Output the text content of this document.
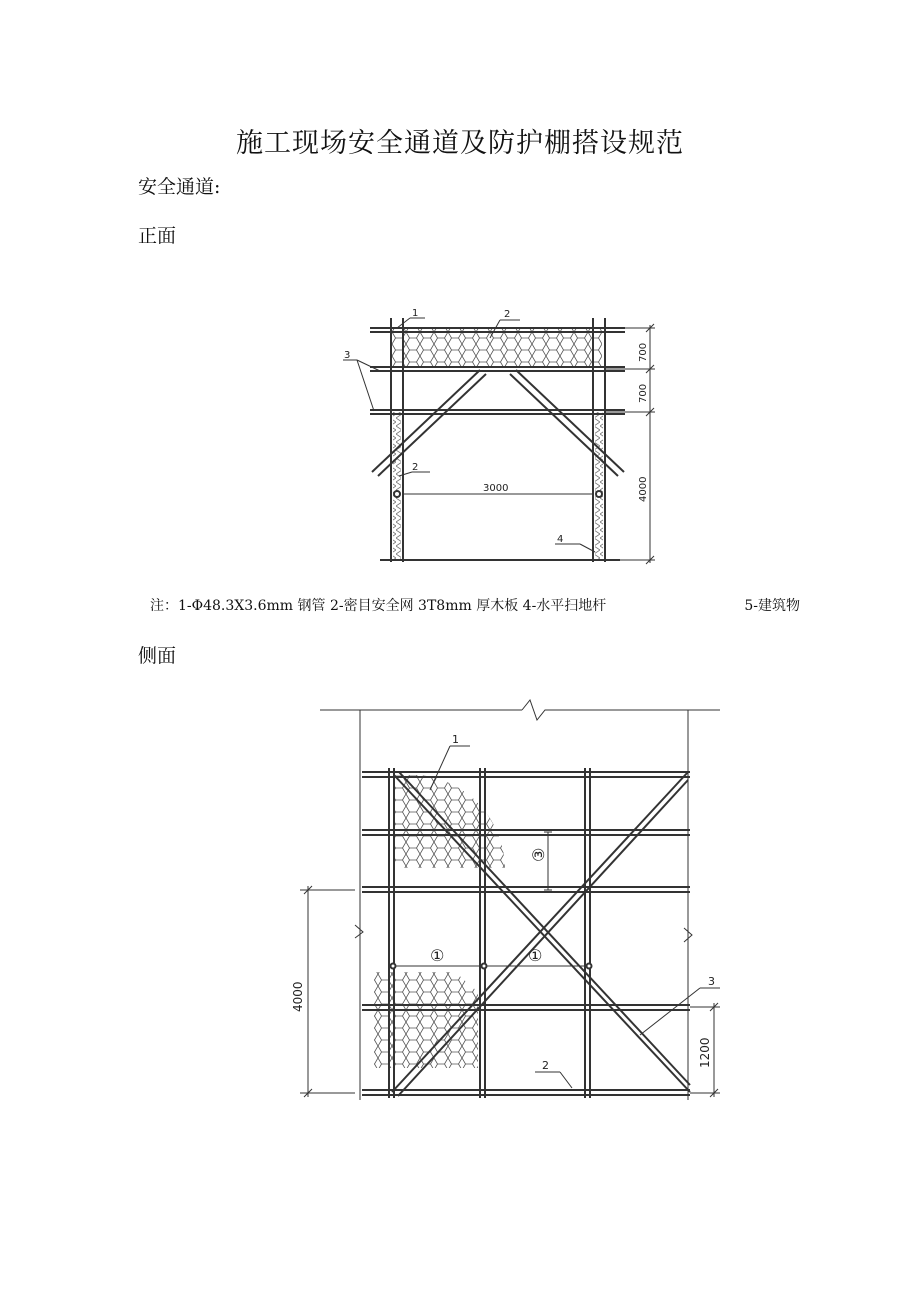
施工现场安全通道及防护棚搭设规范
安全通道:
正面
1	2
3
2
4
3000
700
700
4000
注：1-Φ48.3X3.6mm 钢管 2-密目安全网 3T8mm 厚木板 4-水平扫地杆	5-建筑物
侧面
1
3
2
③
①	①
4000
1200
